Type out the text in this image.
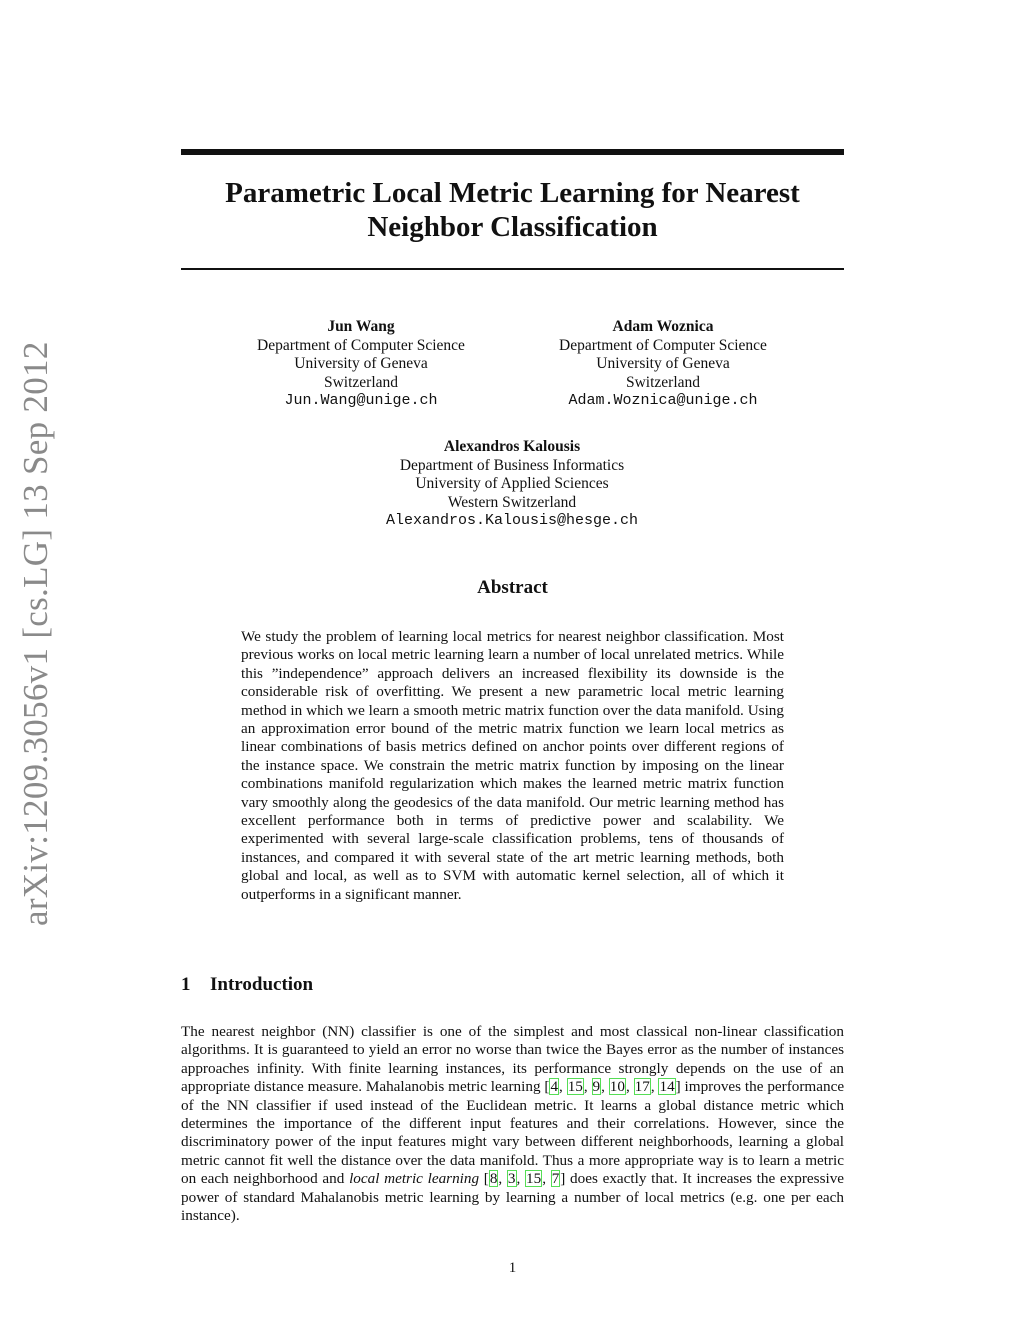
arXiv:1209.3056v1 [cs.LG] 13 Sep 2012
Parametric Local Metric Learning for Nearest
Neighbor Classification
Jun Wang
Department of Computer Science
University of Geneva
Switzerland
Jun.Wang@unige.ch
Adam Woznica
Department of Computer Science
University of Geneva
Switzerland
Adam.Woznica@unige.ch
Alexandros Kalousis
Department of Business Informatics
University of Applied Sciences
Western Switzerland
Alexandros.Kalousis@hesge.ch
Abstract
We study the problem of learning local metrics for nearest neighbor classification. Most previous works on local metric learning learn a number of local unrelated metrics. While this ”independence” approach delivers an increased flexibility its downside is the considerable risk of overfitting. We present a new parametric local metric learning method in which we learn a smooth metric matrix function over the data manifold. Using an approximation error bound of the metric matrix function we learn local metrics as linear combinations of basis metrics defined on anchor points over different regions of the instance space. We constrain the metric matrix function by imposing on the linear combinations manifold regularization which makes the learned metric matrix function vary smoothly along the geodesics of the data manifold. Our metric learning method has excellent performance both in terms of predictive power and scalability. We experimented with several large-scale classification problems, tens of thousands of instances, and compared it with several state of the art metric learning methods, both global and local, as well as to SVM with automatic kernel selection, all of which it outperforms in a significant manner.
1 Introduction
The nearest neighbor (NN) classifier is one of the simplest and most classical non-linear classification algorithms. It is guaranteed to yield an error no worse than twice the Bayes error as the number of instances approaches infinity. With finite learning instances, its performance strongly depends on the use of an appropriate distance measure. Mahalanobis metric learning [4, 15, 9, 10, 17, 14] improves the performance of the NN classifier if used instead of the Euclidean metric. It learns a global distance metric which determines the importance of the different input features and their correlations. However, since the discriminatory power of the input features might vary between different neighborhoods, learning a global metric cannot fit well the distance over the data manifold. Thus a more appropriate way is to learn a metric on each neighborhood and local metric learning [8, 3, 15, 7] does exactly that. It increases the expressive power of standard Mahalanobis metric learning by learning a number of local metrics (e.g. one per each instance).
1
